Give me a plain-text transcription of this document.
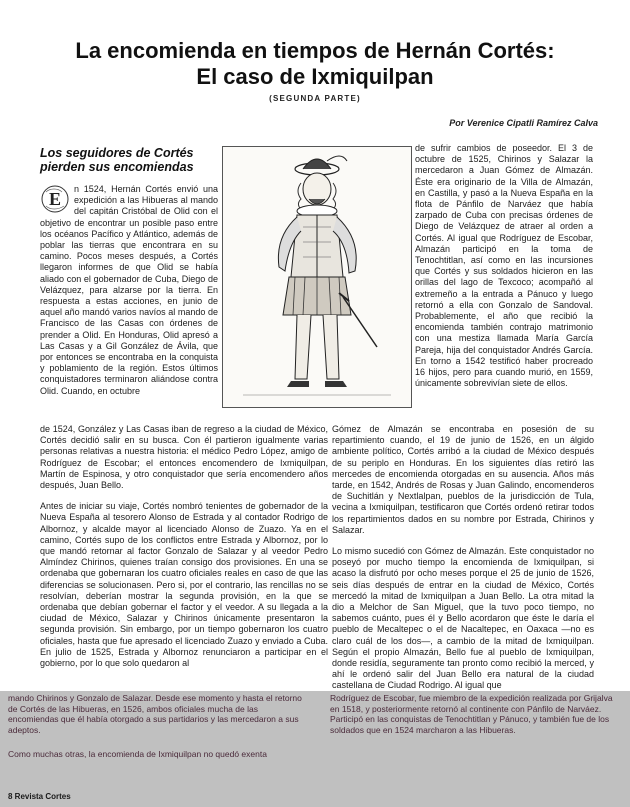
La encomienda en tiempos de Hernán Cortés:
El caso de Ixmiquilpan
(SEGUNDA PARTE)
Por Verenice Cipatli Ramírez Calva
Los seguidores de Cortés pierden sus encomiendas
E n 1524, Hernán Cortés envió una expedición a las Hibueras al mando del capitán Cristóbal de Olid con el objetivo de encontrar un posible paso entre los océanos Pacífico y Atlántico, además de poblar las tierras que encontrara en su camino. Pocos meses después, a Cortés llegaron informes de que Olid se había aliado con el gobernador de Cuba, Diego de Velázquez, para alzarse por la tierra. En respuesta a estas acciones, en junio de aquel año mandó varios navíos al mando de Francisco de las Casas con órdenes de prender a Olid. En Honduras, Olid apresó a Las Casas y a Gil González de Ávila, que por entonces se encontraba en la conquista y poblamiento de la región. Estos últimos conquistadores terminaron aliándose contra Olid. Cuando, en octubre
de sufrir cambios de poseedor. El 3 de octubre de 1525, Chirinos y Salazar la mercedaron a Juan Gómez de Almazán. Éste era originario de la Villa de Almazán, en Castilla, y pasó a la Nueva España en la flota de Pánfilo de Narváez que había zarpado de Cuba con precisas órdenes de Diego de Velázquez de atraer al orden a Cortés. Al igual que Rodríguez de Escobar, Almazán participó en la toma de Tenochtitlan, así como en las incursiones que Cortés y sus soldados hicieron en las orillas del lago de Texcoco; acompañó al extremeño a la entrada a Pánuco y luego retornó a ella con Gonzalo de Sandoval. Probablemente, el año que recibió la encomienda también contrajo matrimonio con una mestiza llamada María García Pareja, hija del conquistador Andrés García. En torno a 1542 testificó haber procreado 16 hijos, pero para cuando murió, en 1559, únicamente sobrevivían siete de ellos.

de 1524, González y Las Casas iban de regreso a la ciudad de México, Cortés decidió salir en su busca. Con él partieron igualmente varias personas relativas a nuestra historia: el médico Pedro López, amigo de Rodríguez de Escobar; el entonces encomendero de Ixmiquilpan, Martín de Espinosa, y otro conquistador que sería encomendero años después, Juan Bello.

Antes de iniciar su viaje, Cortés nombró tenientes de gobernador de la Nueva España al tesorero Alonso de Estrada y al contador Rodrigo de Albornoz, y alcalde mayor al licenciado Alonso de Zuazo. Ya en el camino, Cortés supo de los conflictos entre Estrada y Albornoz, por lo que mandó retornar al factor Gonzalo de Salazar y al veedor Pedro Almíndez Chirinos, quienes traían consigo dos provisiones. En una se ordenaba que gobernaran los cuatro oficiales reales en caso de que las diferencias se solucionasen. Pero si, por el contrario, las rencillas no se resolvían, deberían mostrar la segunda provisión, en la que se ordenaba que debían gobernar el factor y el veedor. A su llegada a la ciudad de México, Salazar y Chirinos únicamente presentaron la segunda provisión. Sin embargo, por un tiempo gobernaron los cuatro oficiales, hasta que fue apresado el licenciado Zuazo y enviado a Cuba. En julio de 1525, Estrada y Albornoz renunciaron a participar en el gobierno, por lo que solo quedaron al

Gómez de Almazán se encontraba en posesión de su repartimiento cuando, el 19 de junio de 1526, en un álgido ambiente político, Cortés arribó a la ciudad de México después de su periplo en Honduras. En los siguientes días retiró las mercedes de encomienda otorgadas en su ausencia. Años más tarde, en 1542, Andrés de Rosas y Juan Galindo, encomenderos de Suchitlán y Nextlalpan, pueblos de la jurisdicción de Tula, vecina a Ixmiquilpan, testificaron que Cortés ordenó retirar todos los repartimientos dados en su nombre por Estrada, Chirinos y Salazar.

Lo mismo sucedió con Gómez de Almazán. Este conquistador no poseyó por mucho tiempo la encomienda de Ixmiquilpan, si acaso la disfrutó por ocho meses porque el 25 de junio de 1526, seis días después de entrar en la ciudad de México, Cortés mercedó la mitad de Ixmiquilpan a Juan Bello. La otra mitad la dio a Melchor de San Miguel, que la tuvo poco tiempo, no sabemos cuánto, pues él y Bello acordaron que éste le daría el pueblo de Mecaltepec o el de Nacaltepec, en Oaxaca —no es claro cuál de los dos—, a cambio de la mitad de Ixmiquilpan. Según el propio Almazán, Bello fue al pueblo de Ixmiquilpan, donde residía, seguramente tan pronto como recibió la merced, y ahí le ordenó salir del Juan Bello era natural de la ciudad castellana de Ciudad Rodrigo. Al igual que

mando Chirinos y Gonzalo de Salazar. Desde ese momento y hasta el retorno de Cortés de las Hibueras, en 1526, ambos oficiales mucha de las encomiendas que él había otorgado a sus partidarios y las mercedaron a sus adeptos.
Como muchas otras, la encomienda de Ixmiquilpan no quedó exenta
Rodríguez de Escobar, fue miembro de la expedición realizada por Grijalva en 1518, y posteriormente retornó al continente con Pánfilo de Narváez. Participó en las conquistas de Tenochtitlan y Pánuco, y también fue de los soldados que en 1524 marcharon a las Hibueras.
8 Revista Cortes
